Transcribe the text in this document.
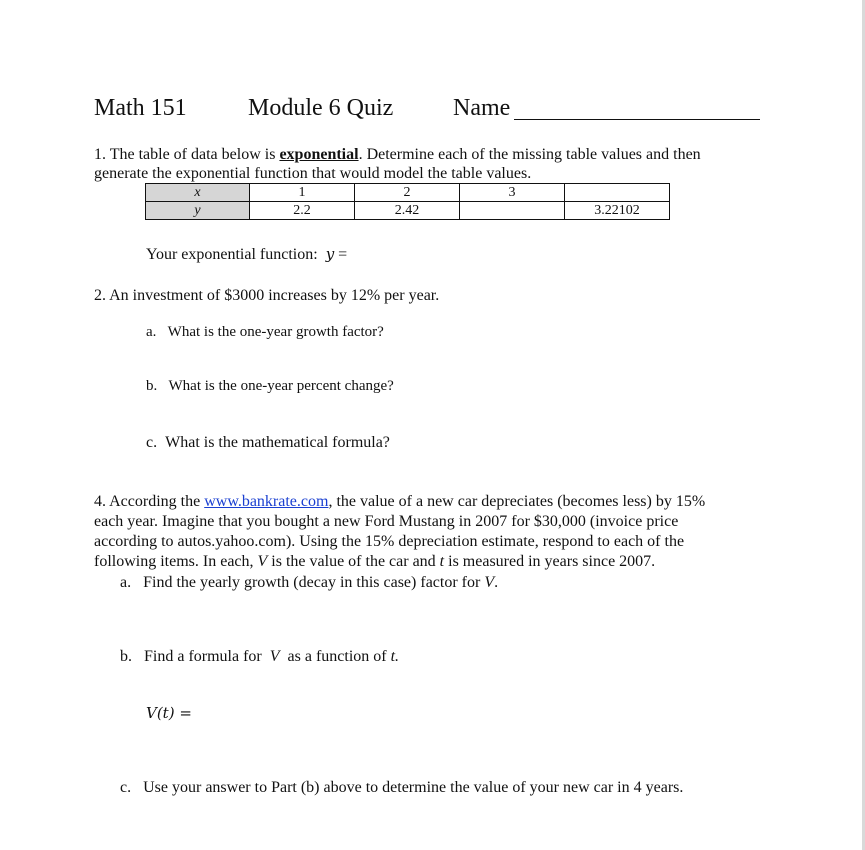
Math 151	Module 6 Quiz Name
1. The table of data below is exponential. Determine each of the missing table values and then
generate the exponential function that would model the table values.
x	1	2	3	
y	2.2	2.42		3.22102
Your exponential function: y =
2. An investment of $3000 increases by 12% per year.
a. What is the one-year growth factor?
b. What is the one-year percent change?
c. What is the mathematical formula?
4. According the www.bankrate.com, the value of a new car depreciates (becomes less) by 15%
each year. Imagine that you bought a new Ford Mustang in 2007 for $30,000 (invoice price
according to autos.yahoo.com). Using the 15% depreciation estimate, respond to each of the
following items. In each, V is the value of the car and t is measured in years since 2007.
a. Find the yearly growth (decay in this case) factor for V.
b. Find a formula for V as a function of t.
V(t) =
c. Use your answer to Part (b) above to determine the value of your new car in 4 years.
